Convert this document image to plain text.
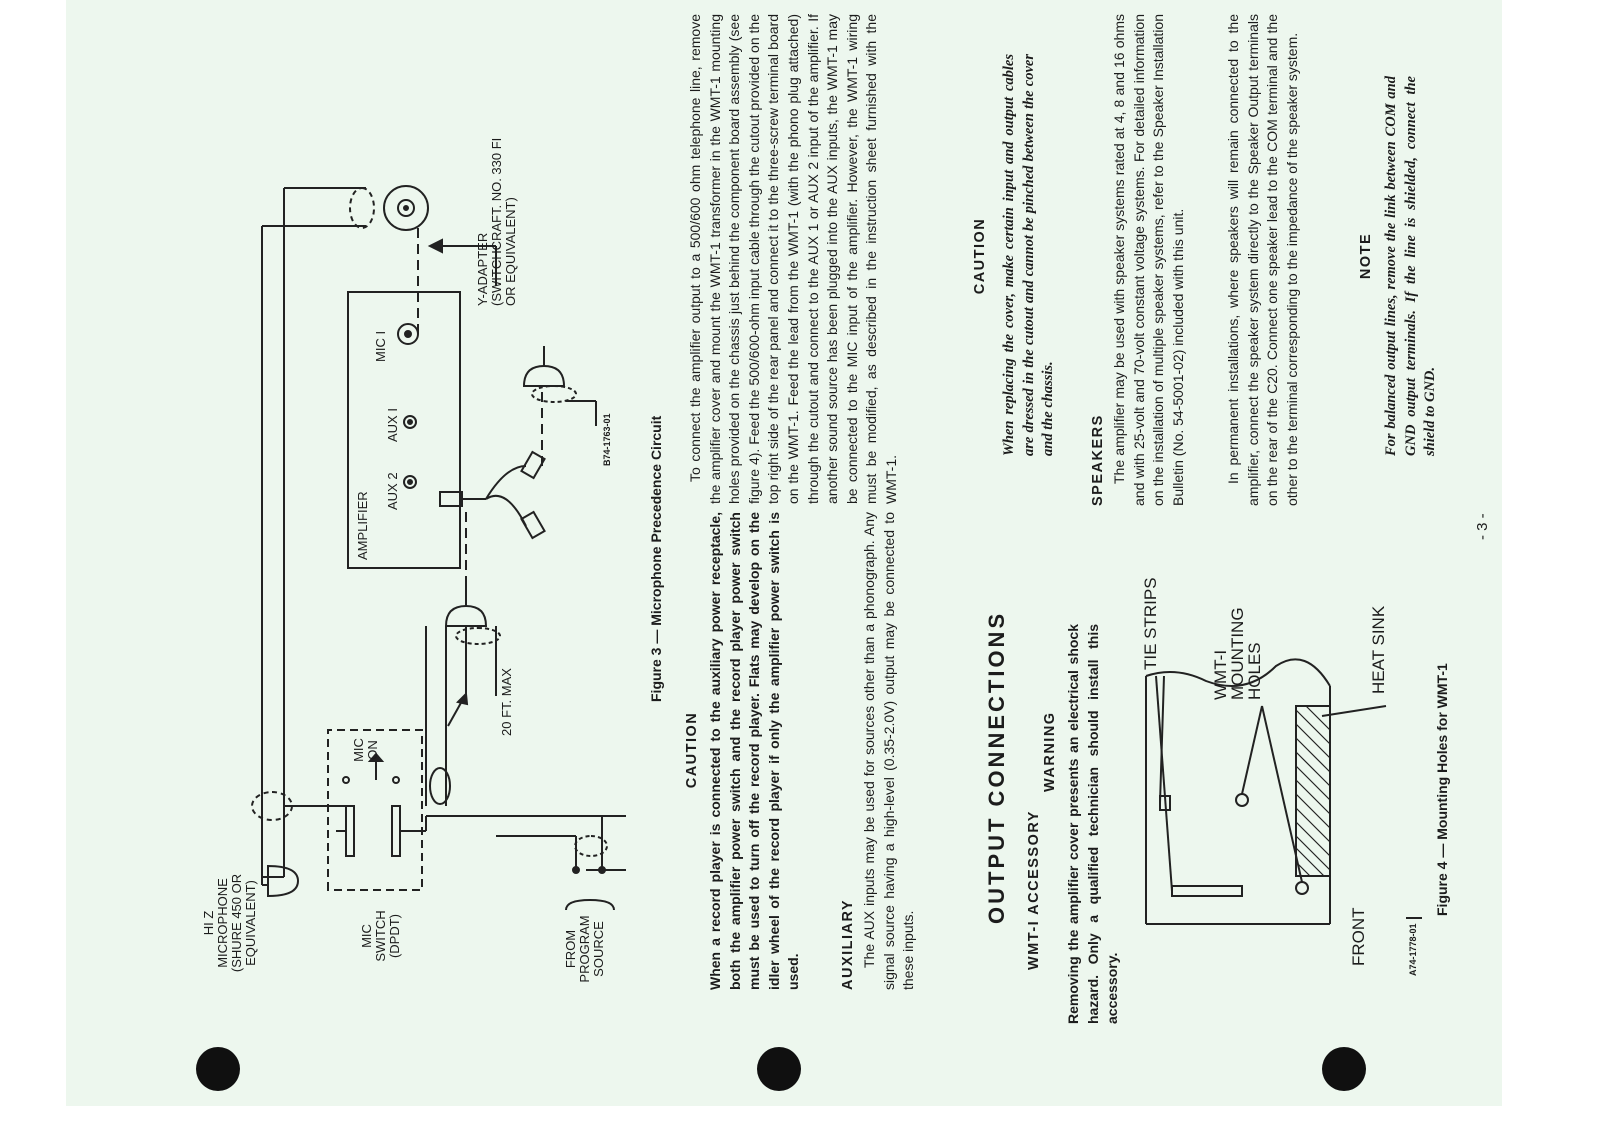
HI Z
MICROPHONE
(SHURE 450 OR
EQUIVALENT)	MIC
SWITCH
(DPDT)

MIC
ON

FROM
PROGRAM
SOURCE

20 FT. MAX

AMPLIFIER

AUX 2

AUX I

MIC I

Y-ADAPTER
(SWITCHCRAFT. NO. 330 FI
OR EQUIVALENT)

B74-1763-01	Figure 3 — Microphone Precedence Circuit

CAUTION When a record player is connected to the auxiliary power receptacle, both the amplifier power switch and the record player power switch must be used to turn off the record player. Flats may develop on the idler wheel of the record player if only the amplifier power switch is used.	AUXILIARY The AUX inputs may be used for sources other than a phonograph. Any signal source having a high-level (0.35-2.0V) output may be connected to these inputs.

OUTPUT CONNECTIONS WMT-I ACCESSORY

WARNING Removing the amplifier cover presents an electrical shock hazard. Only a qualified technician should install this accessory.

TIE STRIPS

WMT-I
MOUNTING
HOLES	HEAT SINK

FRONT	A74-1778-01

Figure 4 — Mounting Holes for WMT-1

To connect the amplifier output to a 500/600 ohm telephone line, remove the amplifier cover and mount the WMT-1 transformer in the WMT-1 mounting holes provided on the chassis just behind the component board assembly (see figure 4). Feed the 500/600-ohm input cable through the cutout provided on the top right side of the rear panel and connect it to the three-screw terminal board on the WMT-1. Feed the lead from the WMT-1 (with the phono plug attached) through the cutout and connect to the AUX 1 or AUX 2 input of the amplifier. If another sound source has been plugged into the AUX inputs, the WMT-1 may be connected to the MIC input of the amplifier. However, the WMT-1 wiring must be modified, as described in the instruction sheet furnished with the WMT-1.

CAUTION When replacing the cover, make certain input and output cables are dressed in the cutout and cannot be pinched between the cover and the chassis.

SPEAKERS The amplifier may be used with speaker systems rated at 4, 8 and 16 ohms and with 25-volt and 70-volt constant voltage systems. For detailed information on the installation of multiple speaker systems, refer to the Speaker Installation Bulletin (No. 54-5001-02) included with this unit.	In permanent installations, where speakers will remain connected to the amplifier, connect the speaker system directly to the Speaker Output terminals on the rear of the C20. Connect one speaker lead to the COM terminal and the other to the terminal corresponding to the impedance of the speaker system.	NOTE For balanced output lines, remove the link between COM and GND output terminals. If the line is shielded, connect the shield to GND.

- 3 -
